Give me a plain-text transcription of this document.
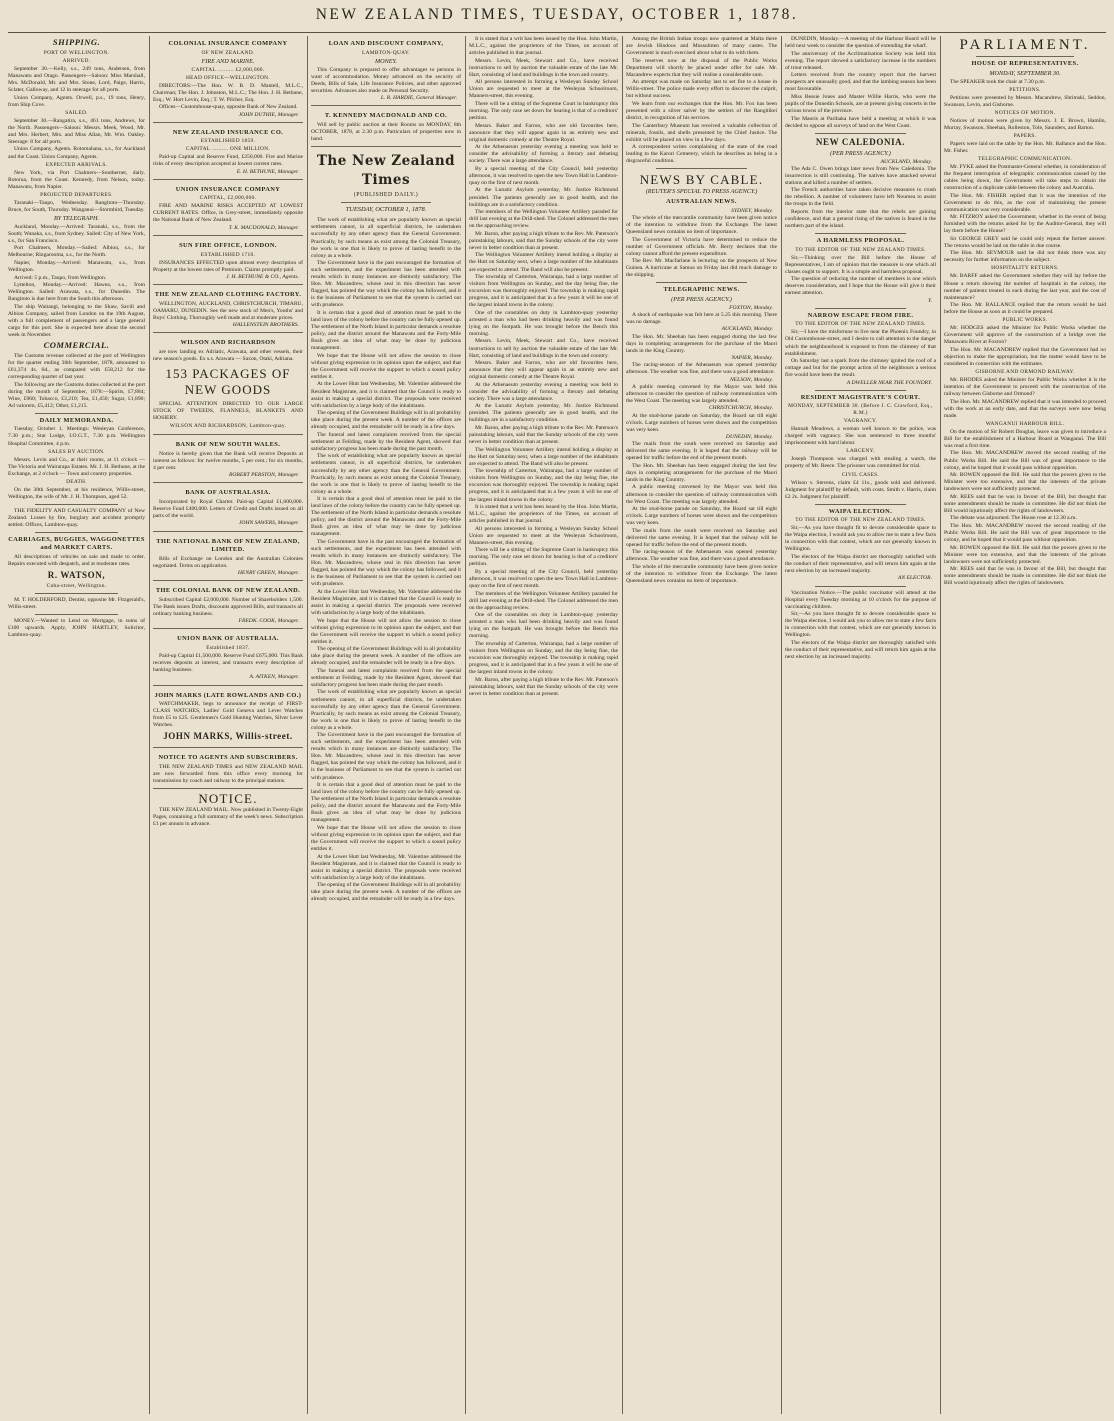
NEW ZEALAND TIMES, TUESDAY, OCTOBER 1, 1878.
SHIPPING.
PORT OF WELLINGTON.
ARRIVED.
September 30.—Kelly, s.s., 249 tons, Andersen, from Manawatu and Otago. Passengers—Saloon: Miss Marshall, Mrs. McDonald, Mr. and Mrs. Stone, Lord, Paige, Harris, Sclater, Galloway, and 12 in steerage for all ports.
Union Company, Agents. Orwell, p.s., 19 tons, Henry, from Ship Cove.
SAILED.
September 30.—Rangatira, s.s., 461 tons, Andrews, for the North. Passengers—Saloon: Messrs. Meek, Wood, Mr. and Mrs. Herbert, Mrs. and Miss Allan, Mr. Wm. Oakley. Steerage: 8 for all ports.
Union Company, Agents. Rotomahana, s.s., for Auckland and the Coast. Union Company, Agents.
EXPECTED ARRIVALS.
New York, via Port Chalmers—Southerner, daily. Rotorua, from the Coast. Kennedy, from Nelson, today. Manawatu, from Napier.
PROJECTED DEPARTURES.
Taranaki—Taupo, Wednesday. Rangitoto—Thursday. Bruce, for South, Thursday. Wanganui—Stormbird, Tuesday.
BY TELEGRAPH.
Auckland, Monday.—Arrived: Taranaki, s.s., from the South; Wanaka, s.s., from Sydney. Sailed: City of New York, s.s., for San Francisco.
Port Chalmers, Monday.—Sailed: Albion, s.s., for Melbourne; Ringarooma, s.s., for the North.
Napier, Monday.—Arrived: Manawatu, s.s., from Wellington.
Arrived: 5 p.m., Taupo, from Wellington.
Lyttelton, Monday.—Arrived: Hawea, s.s., from Wellington. Sailed: Arawata, s.s., for Dunedin. The Rangitoto is due here from the South this afternoon.
The ship Waitangi, belonging to the Shaw, Savill and Albion Company, sailed from London on the 19th August, with a full complement of passengers and a large general cargo for this port. She is expected here about the second week in November.
COMMERCIAL.
The Customs revenue collected at the port of Wellington for the quarter ending 30th September, 1878, amounted to £61,374 4s. 6d., as compared with £58,212 for the corresponding quarter of last year.
The following are the Customs duties collected at the port during the month of September, 1878:—Spirits, £7,884; Wine, £960; Tobacco, £3,210; Tea, £1,450; Sugar, £1,890; Ad valorem, £5,412; Other, £1,215.
DAILY MEMORANDA.
Tuesday, October 1. Meetings: Wesleyan Conference, 7.30 p.m.; Star Lodge, I.O.G.T., 7.30 p.m. Wellington Hospital Committee, 4 p.m.
SALES BY AUCTION.
Messrs. Levin and Co., at their rooms, at 11 o'clock — The Victoria and Wairarapa Estates. Mr. J. H. Bethune, at the Exchange, at 2 o'clock — Town and country properties.
DEATH.
On the 30th September, at his residence, Willis-street, Wellington, the wife of Mr. J. H. Thompson, aged 52.
THE FIDELITY AND CASUALTY COMPANY of New Zealand. Losses by fire, burglary and accident promptly settled. Offices, Lambton-quay.
CARRIAGES, BUGGIES, WAGGONETTES and MARKET CARTS.
All descriptions of vehicles on sale and made to order. Repairs executed with despatch, and at moderate rates.
R. WATSON,
Cuba-street, Wellington.
M. T. HOLDERFORD, Dentist, opposite Mr. Fitzgerald's, Willis-street.
MONEY.—Wanted to Lend on Mortgage, in sums of £100 upwards. Apply, JOHN HARTLEY, Solicitor, Lambton-quay.
COLONIAL INSURANCE COMPANY
OF NEW ZEALAND.
FIRE AND MARINE.
CAPITAL .......... £2,000,000.
HEAD OFFICE—WELLINGTON.
DIRECTORS:—The Hon. W. B. D. Mantell, M.L.C., Chairman; The Hon. J. Johnston, M.L.C.; The Hon. J. H. Bethune, Esq.; W. Hort Levin, Esq.; T. W. Pilcher, Esq.
Offices—Customhouse-quay, opposite Bank of New Zealand.
JOHN DUTHIE, Manager.
NEW ZEALAND INSURANCE CO.
ESTABLISHED 1859.
CAPITAL .......... ONE MILLION.
Paid-up Capital and Reserve Fund, £250,000. Fire and Marine risks of every description accepted at lowest current rates.
E. H. BETHUNE, Manager.
UNION INSURANCE COMPANY
CAPITAL, £2,000,000.
FIRE AND MARINE RISKS ACCEPTED AT LOWEST CURRENT RATES. Office, in Grey-street, immediately opposite the National Bank of New Zealand.
T. K. MACDONALD, Manager.
SUN FIRE OFFICE, LONDON.
ESTABLISHED 1710.
INSURANCES EFFECTED upon almost every description of Property at the lowest rates of Premium. Claims promptly paid.
J. H. BETHUNE & CO., Agents.
THE NEW ZEALAND CLOTHING FACTORY.
WELLINGTON, AUCKLAND, CHRISTCHURCH, TIMARU, OAMARU, DUNEDIN. See the new stock of Men's, Youths' and Boys' Clothing. Thoroughly well made and at moderate prices.
HALLENSTEIN BROTHERS.
WILSON AND RICHARDSON
are now landing ex Adriatic, Arawata, and other vessels, their new season's goods. Ex s.s. Arawata — Saxon, Otaki, Adriana.
153 PACKAGES OF NEW GOODS
SPECIAL ATTENTION DIRECTED TO OUR LARGE STOCK OF TWEEDS, FLANNELS, BLANKETS AND HOSIERY.
WILSON AND RICHARDSON, Lambton-quay.
BANK OF NEW SOUTH WALES.
Notice is hereby given that the Bank will receive Deposits at interest as follows: for twelve months, 5 per cent.; for six months, 4 per cent.
ROBERT PERSTON, Manager.
BANK OF AUSTRALASIA.
Incorporated by Royal Charter. Paid-up Capital £1,600,000. Reserve Fund £400,000. Letters of Credit and Drafts issued on all parts of the world.
JOHN SAWERS, Manager.
THE NATIONAL BANK OF NEW ZEALAND, LIMITED.
Bills of Exchange on London and the Australian Colonies negotiated. Terms on application.
HENRY GREEN, Manager.
THE COLONIAL BANK OF NEW ZEALAND.
Subscribed Capital £2,000,000. Number of Shareholders 1,500. The Bank issues Drafts, discounts approved Bills, and transacts all ordinary banking business.
FREDK. COOK, Manager.
UNION BANK OF AUSTRALIA.
Established 1837.
Paid-up Capital £1,500,000. Reserve Fund £675,000. This Bank receives deposits at interest, and transacts every description of banking business.
A. AITKEN, Manager.
JOHN MARKS (LATE ROWLANDS AND CO.)
WATCHMAKER, begs to announce the receipt of FIRST-CLASS WATCHES, Ladies' Gold Geneva and Lever Watches from £5 to £25. Gentlemen's Gold Hunting Watches, Silver Lever Watches.
JOHN MARKS, Willis-street.
NOTICE TO AGENTS AND SUBSCRIBERS.
THE NEW ZEALAND TIMES and NEW ZEALAND MAIL are now forwarded from this office every morning for transmission by coach and railway to the principal stations.
NOTICE.
THE NEW ZEALAND MAIL. Now published in Twenty-Eight Pages, containing a full summary of the week's news. Subscription £1 per annum in advance.
LOAN AND DISCOUNT COMPANY,
LAMBTON-QUAY.
MONEY.
This Company is prepared to offer advantages to persons in want of accommodation. Money advanced on the security of Deeds, Bills of Sale, Life Insurance Policies, and other approved securities. Advances also made on Personal Security.
L. R. HARDIE, General Manager.
T. KENNEDY MACDONALD AND CO.
Will sell by public auction at their Rooms on MONDAY, 8th OCTOBER, 1878, at 2.30 p.m. Particulars of properties now in hand.
The New Zealand Times
(PUBLISHED DAILY.)
TUESDAY, OCTOBER 1, 1878.
The work of establishing what are popularly known as special settlements cannot, in all superficial districts, be undertaken successfully by any other agency than the General Government. Practically, by such means as exist among the Colonial Treasury, the work is one that is likely to prove of lasting benefit to the colony as a whole.
The Government have in the past encouraged the formation of such settlements, and the experiment has been attended with results which in many instances are distinctly satisfactory. The Hon. Mr. Macandrew, whose zeal in this direction has never flagged, has pointed the way which the colony has followed, and it is the business of Parliament to see that the system is carried out with prudence.
It is certain that a good deal of attention must be paid to the land laws of the colony before the country can be fully opened up. The settlement of the North Island in particular demands a resolute policy, and the district around the Manawatu and the Forty-Mile Bush gives an idea of what may be done by judicious management.
We hope that the House will not allow the session to close without giving expression to its opinion upon the subject, and that the Government will receive the support to which a sound policy entitles it.
At the Lower Hutt last Wednesday, Mr. Valentine addressed the Resident Magistrate, and it is claimed that the Council is ready to assist in making a special district. The proposals were received with satisfaction by a large body of the inhabitants.
The opening of the Government Buildings will in all probability take place during the present week. A number of the offices are already occupied, and the remainder will be ready in a few days.
The funeral and latest complaints received from the special settlement at Feilding, made by the Resident Agent, showed that satisfactory progress has been made during the past month.
The work of establishing what are popularly known as special settlements cannot, in all superficial districts, be undertaken successfully by any other agency than the General Government. Practically, by such means as exist among the Colonial Treasury, the work is one that is likely to prove of lasting benefit to the colony as a whole.
It is certain that a good deal of attention must be paid to the land laws of the colony before the country can be fully opened up. The settlement of the North Island in particular demands a resolute policy, and the district around the Manawatu and the Forty-Mile Bush gives an idea of what may be done by judicious management.
The Government have in the past encouraged the formation of such settlements, and the experiment has been attended with results which in many instances are distinctly satisfactory. The Hon. Mr. Macandrew, whose zeal in this direction has never flagged, has pointed the way which the colony has followed, and it is the business of Parliament to see that the system is carried out with prudence.
At the Lower Hutt last Wednesday, Mr. Valentine addressed the Resident Magistrate, and it is claimed that the Council is ready to assist in making a special district. The proposals were received with satisfaction by a large body of the inhabitants.
We hope that the House will not allow the session to close without giving expression to its opinion upon the subject, and that the Government will receive the support to which a sound policy entitles it.
The opening of the Government Buildings will in all probability take place during the present week. A number of the offices are already occupied, and the remainder will be ready in a few days.
The funeral and latest complaints received from the special settlement at Feilding, made by the Resident Agent, showed that satisfactory progress has been made during the past month.
The work of establishing what are popularly known as special settlements cannot, in all superficial districts, be undertaken successfully by any other agency than the General Government. Practically, by such means as exist among the Colonial Treasury, the work is one that is likely to prove of lasting benefit to the colony as a whole.
The Government have in the past encouraged the formation of such settlements, and the experiment has been attended with results which in many instances are distinctly satisfactory. The Hon. Mr. Macandrew, whose zeal in this direction has never flagged, has pointed the way which the colony has followed, and it is the business of Parliament to see that the system is carried out with prudence.
It is certain that a good deal of attention must be paid to the land laws of the colony before the country can be fully opened up. The settlement of the North Island in particular demands a resolute policy, and the district around the Manawatu and the Forty-Mile Bush gives an idea of what may be done by judicious management.
We hope that the House will not allow the session to close without giving expression to its opinion upon the subject, and that the Government will receive the support to which a sound policy entitles it.
At the Lower Hutt last Wednesday, Mr. Valentine addressed the Resident Magistrate, and it is claimed that the Council is ready to assist in making a special district. The proposals were received with satisfaction by a large body of the inhabitants.
The opening of the Government Buildings will in all probability take place during the present week. A number of the offices are already occupied, and the remainder will be ready in a few days.
It is stated that a writ has been issued by the Hon. John Martin, M.L.C., against the proprietors of the Times, on account of articles published in that journal.
Messrs. Levin, Meek, Stewart and Co., have received instructions to sell by auction the valuable estate of the late Mr. Hart, consisting of land and buildings in the town and country.
All persons interested in forming a Wesleyan Sunday School Union are requested to meet at the Wesleyan Schoolroom, Manners-street, this evening.
There will be a sitting of the Supreme Court in bankruptcy this morning. The only case set down for hearing is that of a creditors' petition.
Messrs. Baker and Farron, who are old favourites here, announce that they will appear again in an entirely new and original domestic comedy at the Theatre Royal.
At the Athenaeum yesterday evening a meeting was held to consider the advisability of forming a literary and debating society. There was a large attendance.
By a special meeting of the City Council, held yesterday afternoon, it was resolved to open the new Town Hall in Lambton-quay on the first of next month.
At the Lunatic Asylum yesterday, Mr. Justice Richmond presided. The patients generally are in good health, and the buildings are in a satisfactory condition.
The members of the Wellington Volunteer Artillery paraded for drill last evening at the Drill-shed. The Colonel addressed the men on the approaching review.
Mr. Baron, after paying a high tribute to the Rev. Mr. Paterson's painstaking labours, said that the Sunday schools of the city were never in better condition than at present.
The Wellington Volunteer Artillery intend holding a display at the Hutt on Saturday next, when a large number of the inhabitants are expected to attend. The Band will also be present.
The township of Carterton, Wairarapa, had a large number of visitors from Wellington on Sunday, and the day being fine, the excursion was thoroughly enjoyed. The township is making rapid progress, and it is anticipated that in a few years it will be one of the largest inland towns in the colony.
One of the constables on duty in Lambton-quay yesterday arrested a man who had been drinking heavily and was found lying on the footpath. He was brought before the Bench this morning.
Messrs. Levin, Meek, Stewart and Co., have received instructions to sell by auction the valuable estate of the late Mr. Hart, consisting of land and buildings in the town and country.
Messrs. Baker and Farron, who are old favourites here, announce that they will appear again in an entirely new and original domestic comedy at the Theatre Royal.
At the Athenaeum yesterday evening a meeting was held to consider the advisability of forming a literary and debating society. There was a large attendance.
At the Lunatic Asylum yesterday, Mr. Justice Richmond presided. The patients generally are in good health, and the buildings are in a satisfactory condition.
Mr. Baron, after paying a high tribute to the Rev. Mr. Paterson's painstaking labours, said that the Sunday schools of the city were never in better condition than at present.
The Wellington Volunteer Artillery intend holding a display at the Hutt on Saturday next, when a large number of the inhabitants are expected to attend. The Band will also be present.
The township of Carterton, Wairarapa, had a large number of visitors from Wellington on Sunday, and the day being fine, the excursion was thoroughly enjoyed. The township is making rapid progress, and it is anticipated that in a few years it will be one of the largest inland towns in the colony.
It is stated that a writ has been issued by the Hon. John Martin, M.L.C., against the proprietors of the Times, on account of articles published in that journal.
All persons interested in forming a Wesleyan Sunday School Union are requested to meet at the Wesleyan Schoolroom, Manners-street, this evening.
There will be a sitting of the Supreme Court in bankruptcy this morning. The only case set down for hearing is that of a creditors' petition.
By a special meeting of the City Council, held yesterday afternoon, it was resolved to open the new Town Hall in Lambton-quay on the first of next month.
The members of the Wellington Volunteer Artillery paraded for drill last evening at the Drill-shed. The Colonel addressed the men on the approaching review.
One of the constables on duty in Lambton-quay yesterday arrested a man who had been drinking heavily and was found lying on the footpath. He was brought before the Bench this morning.
The township of Carterton, Wairarapa, had a large number of visitors from Wellington on Sunday, and the day being fine, the excursion was thoroughly enjoyed. The township is making rapid progress, and it is anticipated that in a few years it will be one of the largest inland towns in the colony.
Mr. Baron, after paying a high tribute to the Rev. Mr. Paterson's painstaking labours, said that the Sunday schools of the city were never in better condition than at present.
Among the British Indian troops now quartered at Malta there are Jewish Hindoos and Mussulmen of many castes. The Government is much exercised about what to do with them.
The reserves now at the disposal of the Public Works Department will shortly be placed under offer for sale. Mr. Macandrew expects that they will realise a considerable sum.
An attempt was made on Saturday last to set fire to a house in Willis-street. The police made every effort to discover the culprit, but without success.
We learn from our exchanges that the Hon. Mr. Fox has been presented with a silver salver by the settlers of the Rangitikei district, in recognition of his services.
The Canterbury Museum has received a valuable collection of minerals, fossils, and shells presented by the Chief Justice. The exhibit will be placed on view in a few days.
A correspondent writes complaining of the state of the road leading to the Karori Cemetery, which he describes as being in a disgraceful condition.
NEWS BY CABLE.
(REUTER'S SPECIAL TO PRESS AGENCY.)
AUSTRALIAN NEWS.
SYDNEY, Monday.
The whole of the mercantile community have been given notice of the intention to withdraw from the Exchange. The latest Queensland news contains no item of importance.
The Government of Victoria have determined to reduce the number of Government officials. Mr. Berry declares that the colony cannot afford the present expenditure.
The Rev. Mr. Macfarlane is lecturing on the prospects of New Guinea. A hurricane at Samoa on Friday last did much damage to the shipping.
TELEGRAPHIC NEWS.
(PER PRESS AGENCY.)
FOXTON, Monday.
A shock of earthquake was felt here at 5.25 this morning. There was no damage.
AUCKLAND, Monday.
The Hon. Mr. Sheehan has been engaged during the last few days in completing arrangements for the purchase of the Maori lands in the King Country.
NAPIER, Monday.
The racing-season of the Athenaeum was opened yesterday afternoon. The weather was fine, and there was a good attendance.
NELSON, Monday.
A public meeting convened by the Mayor was held this afternoon to consider the question of railway communication with the West Coast. The meeting was largely attended.
CHRISTCHURCH, Monday.
At the stud-horse parade on Saturday, the Board sat till eight o'clock. Large numbers of horses were shown and the competition was very keen.
DUNEDIN, Monday.
The mails from the south were received on Saturday and delivered the same evening. It is hoped that the railway will be opened for traffic before the end of the present month.
The Hon. Mr. Sheehan has been engaged during the last few days in completing arrangements for the purchase of the Maori lands in the King Country.
A public meeting convened by the Mayor was held this afternoon to consider the question of railway communication with the West Coast. The meeting was largely attended.
At the stud-horse parade on Saturday, the Board sat till eight o'clock. Large numbers of horses were shown and the competition was very keen.
The mails from the south were received on Saturday and delivered the same evening. It is hoped that the railway will be opened for traffic before the end of the present month.
The racing-season of the Athenaeum was opened yesterday afternoon. The weather was fine, and there was a good attendance.
The whole of the mercantile community have been given notice of the intention to withdraw from the Exchange. The latest Queensland news contains no item of importance.
DUNEDIN, Monday.—A meeting of the Harbour Board will be held next week to consider the question of extending the wharf.
The anniversary of the Acclimatisation Society was held this evening. The report showed a satisfactory increase in the numbers of trout released.
Letters received from the country report that the harvest prospects are unusually good, and that the lambing season has been most favourable.
Miss Bessie Jones and Master Willie Harris, who were the pupils of the Dunedin Schools, are at present giving concerts in the various towns of the province.
The Maoris at Parihaka have held a meeting at which it was decided to oppose all surveys of land on the West Coast.
NEW CALEDONIA.
(PER PRESS AGENCY.)
AUCKLAND, Monday.
The Ada C. Owen brings later news from New Caledonia. The insurrection is still continuing. The natives have attacked several stations and killed a number of settlers.
The French authorities have taken decisive measures to crush the rebellion. A number of volunteers have left Noumea to assist the troops in the field.
Reports from the interior state that the rebels are gaining confidence, and that a general rising of the natives is feared in the northern part of the island.
A HARMLESS PROPOSAL.
TO THE EDITOR OF THE NEW ZEALAND TIMES.
Sir,—Thinking over the Bill before the House of Representatives, I am of opinion that the measure is one which all classes ought to support. It is a simple and harmless proposal.
The question of reducing the number of members is one which deserves consideration, and I hope that the House will give it their earnest attention.
Y.
NARROW ESCAPE FROM FIRE.
TO THE EDITOR OF THE NEW ZEALAND TIMES.
Sir,—I have the misfortune to live near the Phoenix Foundry, in Old Customhouse-street, and I desire to call attention to the danger which the neighbourhood is exposed to from the chimney of that establishment.
On Saturday last a spark from the chimney ignited the roof of a cottage and but for the prompt action of the neighbours a serious fire would have been the result.
A DWELLER NEAR THE FOUNDRY.
RESIDENT MAGISTRATE'S COURT.
MONDAY, SEPTEMBER 30. (Before J. C. Crawford, Esq., R.M.)
VAGRANCY.
Hannah Meadows, a woman well known to the police, was charged with vagrancy. She was sentenced to three months' imprisonment with hard labour.
LARCENY.
Joseph Thompson was charged with stealing a watch, the property of Mr. Reece. The prisoner was committed for trial.
CIVIL CASES.
Wilson v. Stevens, claim £4 11s., goods sold and delivered. Judgment for plaintiff by default, with costs. Smith v. Harris, claim £2 2s. Judgment for plaintiff.
WAIPA ELECTION.
TO THE EDITOR OF THE NEW ZEALAND TIMES.
Sir,—As you have thought fit to devote considerable space to the Waipa election, I would ask you to allow me to state a few facts in connection with that contest, which are not generally known in Wellington.
The electors of the Waipa district are thoroughly satisfied with the conduct of their representative, and will return him again at the next election by an increased majority.
AN ELECTOR.
Vaccination Notice.—The public vaccinator will attend at the Hospital every Tuesday morning at 10 o'clock for the purpose of vaccinating children.
Sir,—As you have thought fit to devote considerable space to the Waipa election, I would ask you to allow me to state a few facts in connection with that contest, which are not generally known in Wellington.
The electors of the Waipa district are thoroughly satisfied with the conduct of their representative, and will return him again at the next election by an increased majority.
PARLIAMENT.
HOUSE OF REPRESENTATIVES.
MONDAY, SEPTEMBER 30.
The SPEAKER took the chair at 7.30 p.m.
PETITIONS.
Petitions were presented by Messrs. Macandrew, Shrimski, Seddon, Swanson, Levin, and Gisborne.
NOTICES OF MOTION.
Notices of motion were given by Messrs. J. E. Brown, Hamlin, Murray, Swanson, Sheehan, Rolleston, Tole, Saunders, and Barton.
PAPERS.
Papers were laid on the table by the Hon. Mr. Ballance and the Hon. Mr. Fisher.
TELEGRAPHIC COMMUNICATION.
Mr. FYKE asked the Postmaster-General whether, in consideration of the frequent interruption of telegraphic communication caused by the cables being down, the Government will take steps to obtain the construction of a duplicate cable between the colony and Australia.
The Hon. Mr. FISHER replied that it was the intention of the Government to do this, as the cost of maintaining the present communication was very considerable.
Mr. FITZROY asked the Government, whether in the event of being furnished with the returns asked for by the Auditor-General, they will lay them before the House?
Sir GEORGE GREY said he could only repeat the former answer. The returns would be laid on the table in due course.
The Hon. Mr. SEYMOUR said he did not think there was any necessity for further information on the subject.
HOSPITALITY RETURNS.
Mr. BARFF asked the Government whether they will lay before the House a return showing the number of hospitals in the colony, the number of patients treated in each during the last year, and the cost of maintenance?
The Hon. Mr. BALLANCE replied that the return would be laid before the House as soon as it could be prepared.
PUBLIC WORKS.
Mr. HODGES asked the Minister for Public Works whether the Government will approve of the construction of a bridge over the Manawatu River at Foxton?
The Hon. Mr. MACANDREW replied that the Government had no objection to make the appropriation, but the matter would have to be considered in connection with the estimates.
GISBORNE AND ORMOND RAILWAY.
Mr. RHODES asked the Minister for Public Works whether it is the intention of the Government to proceed with the construction of the railway between Gisborne and Ormond?
The Hon. Mr. MACANDREW replied that it was intended to proceed with the work at an early date, and that the surveys were now being made.
WANGANUI HARBOUR BILL.
On the motion of Sir Robert Douglas, leave was given to introduce a Bill for the establishment of a Harbour Board at Wanganui. The Bill was read a first time.
The Hon. Mr. MACANDREW moved the second reading of the Public Works Bill. He said the Bill was of great importance to the colony, and he hoped that it would pass without opposition.
Mr. BOWEN opposed the Bill. He said that the powers given to the Minister were too extensive, and that the interests of the private landowners were not sufficiently protected.
Mr. REES said that he was in favour of the Bill, but thought that some amendments should be made in committee. He did not think the Bill would injuriously affect the rights of landowners.
The debate was adjourned. The House rose at 12.30 a.m.
The Hon. Mr. MACANDREW moved the second reading of the Public Works Bill. He said the Bill was of great importance to the colony, and he hoped that it would pass without opposition.
Mr. BOWEN opposed the Bill. He said that the powers given to the Minister were too extensive, and that the interests of the private landowners were not sufficiently protected.
Mr. REES said that he was in favour of the Bill, but thought that some amendments should be made in committee. He did not think the Bill would injuriously affect the rights of landowners.
